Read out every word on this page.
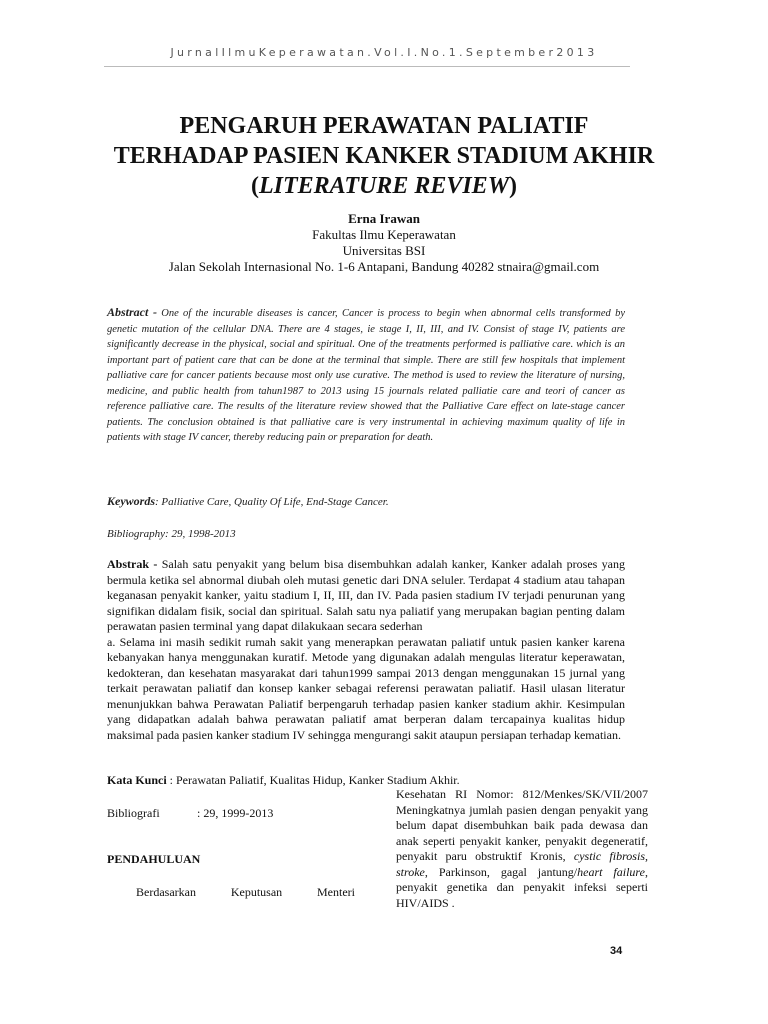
JurnalIlmuKeperawatan.Vol.I.No.1.September2013
PENGARUH PERAWATAN PALIATIF
TERHADAP PASIEN KANKER STADIUM AKHIR
(LITERATURE REVIEW)
Erna Irawan
Fakultas Ilmu Keperawatan
Universitas BSI
Jalan Sekolah Internasional No. 1-6 Antapani, Bandung 40282 stnaira@gmail.com
Abstract - One of the incurable diseases is cancer, Cancer is process to begin when abnormal cells transformed by genetic mutation of the cellular DNA. There are 4 stages, ie stage I, II, III, and IV. Consist of stage IV, patients are significantly decrease in the physical, social and spiritual. One of the treatments performed is palliative care. which is an important part of patient care that can be done at the terminal that simple. There are still few hospitals that implement palliative care for cancer patients because most only use curative. The method is used to review the literature of nursing, medicine, and public health from tahun1987 to 2013 using 15 journals related palliatie care and teori of cancer as reference palliative care. The results of the literature review showed that the Palliative Care effect on late-stage cancer patients. The conclusion obtained is that palliative care is very instrumental in achieving maximum quality of life in patients with stage IV cancer, thereby reducing pain or preparation for death.
Keywords: Palliative Care, Quality Of Life, End-Stage Cancer.
Bibliography: 29, 1998-2013
Abstrak - Salah satu penyakit yang belum bisa disembuhkan adalah kanker, Kanker adalah proses yang bermula ketika sel abnormal diubah oleh mutasi genetic dari DNA seluler. Terdapat 4 stadium atau tahapan keganasan penyakit kanker, yaitu stadium I, II, III, dan IV. Pada pasien stadium IV terjadi penurunan yang signifikan didalam fisik, social dan spiritual. Salah satu nya paliatif yang merupakan bagian penting dalam perawatan pasien terminal yang dapat dilakukaan secara sederhan
a. Selama ini masih sedikit rumah sakit yang menerapkan perawatan paliatif untuk pasien kanker karena kebanyakan hanya menggunakan kuratif. Metode yang digunakan adalah mengulas literatur keperawatan, kedokteran, dan kesehatan masyarakat dari tahun1999 sampai 2013 dengan menggunakan 15 jurnal yang terkait perawatan paliatif dan konsep kanker sebagai referensi perawatan paliatif. Hasil ulasan literatur menunjukkan bahwa Perawatan Paliatif berpengaruh terhadap pasien kanker stadium akhir. Kesimpulan yang didapatkan adalah bahwa perawatan paliatif amat berperan dalam tercapainya kualitas hidup maksimal pada pasien kanker stadium IV sehingga mengurangi sakit ataupun persiapan terhadap kematian.
Kata Kunci : Perawatan Paliatif, Kualitas Hidup, Kanker Stadium Akhir.
Bibliografi	: 29, 1999-2013
PENDAHULUAN
Berdasarkan Keputusan Menteri
Kesehatan RI Nomor: 812/Menkes/SK/VII/2007 Meningkatnya jumlah pasien dengan penyakit yang belum dapat disembuhkan baik pada dewasa dan anak seperti penyakit kanker, penyakit degeneratif, penyakit paru obstruktif Kronis, cystic fibrosis, stroke, Parkinson, gagal jantung/heart failure, penyakit genetika dan penyakit infeksi seperti HIV/AIDS .
34
